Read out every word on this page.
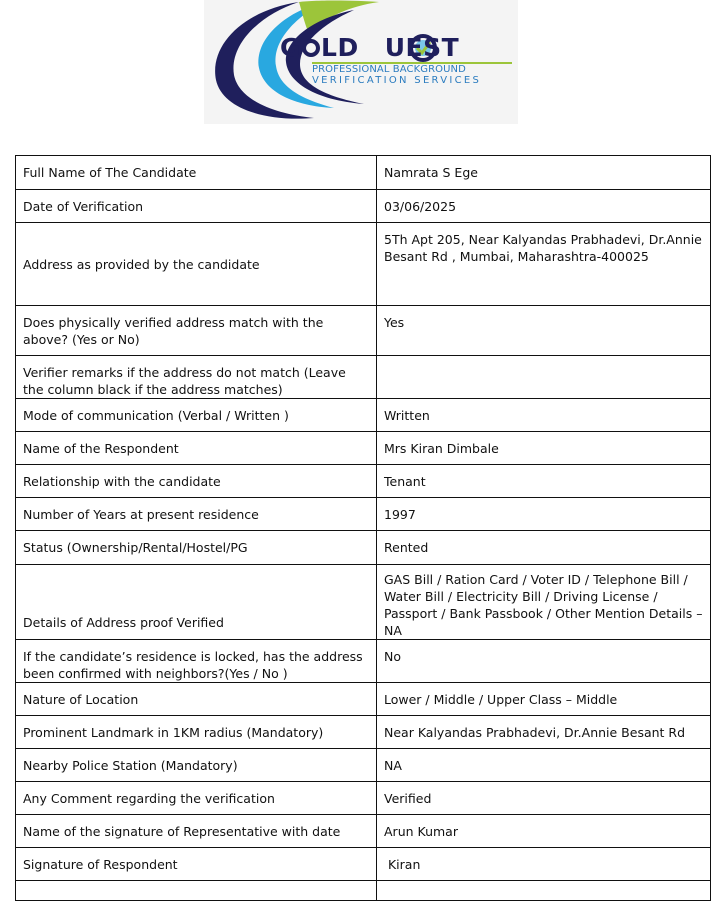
G LD UEST
PROFESSIONAL BACKGROUND
VERIFICATION SERVICES
Full Name of The Candidate	Namrata S Ege
Date of Verification	03/06/2025
Address as provided by the candidate	5Th Apt 205, Near Kalyandas Prabhadevi, Dr.Annie Besant Rd , Mumbai, Maharashtra-400025
Does physically verified address match with the above? (Yes or No)	Yes
Verifier remarks if the address do not match (Leave the column black if the address matches)	
Mode of communication (Verbal / Written )	Written
Name of the Respondent	Mrs Kiran Dimbale
Relationship with the candidate	Tenant
Number of Years at present residence	1997
Status (Ownership/Rental/Hostel/PG	Rented
Details of Address proof Verified	GAS Bill / Ration Card / Voter ID / Telephone Bill / Water Bill / Electricity Bill / Driving License / Passport / Bank Passbook / Other Mention Details – NA
If the candidate’s residence is locked, has the address been confirmed with neighbors?(Yes / No )	No
Nature of Location	Lower / Middle / Upper Class – Middle
Prominent Landmark in 1KM radius (Mandatory)	Near Kalyandas Prabhadevi, Dr.Annie Besant Rd
Nearby Police Station (Mandatory)	NA
Any Comment regarding the verification	Verified
Name of the signature of Representative with date	Arun Kumar
Signature of Respondent	Kiran
